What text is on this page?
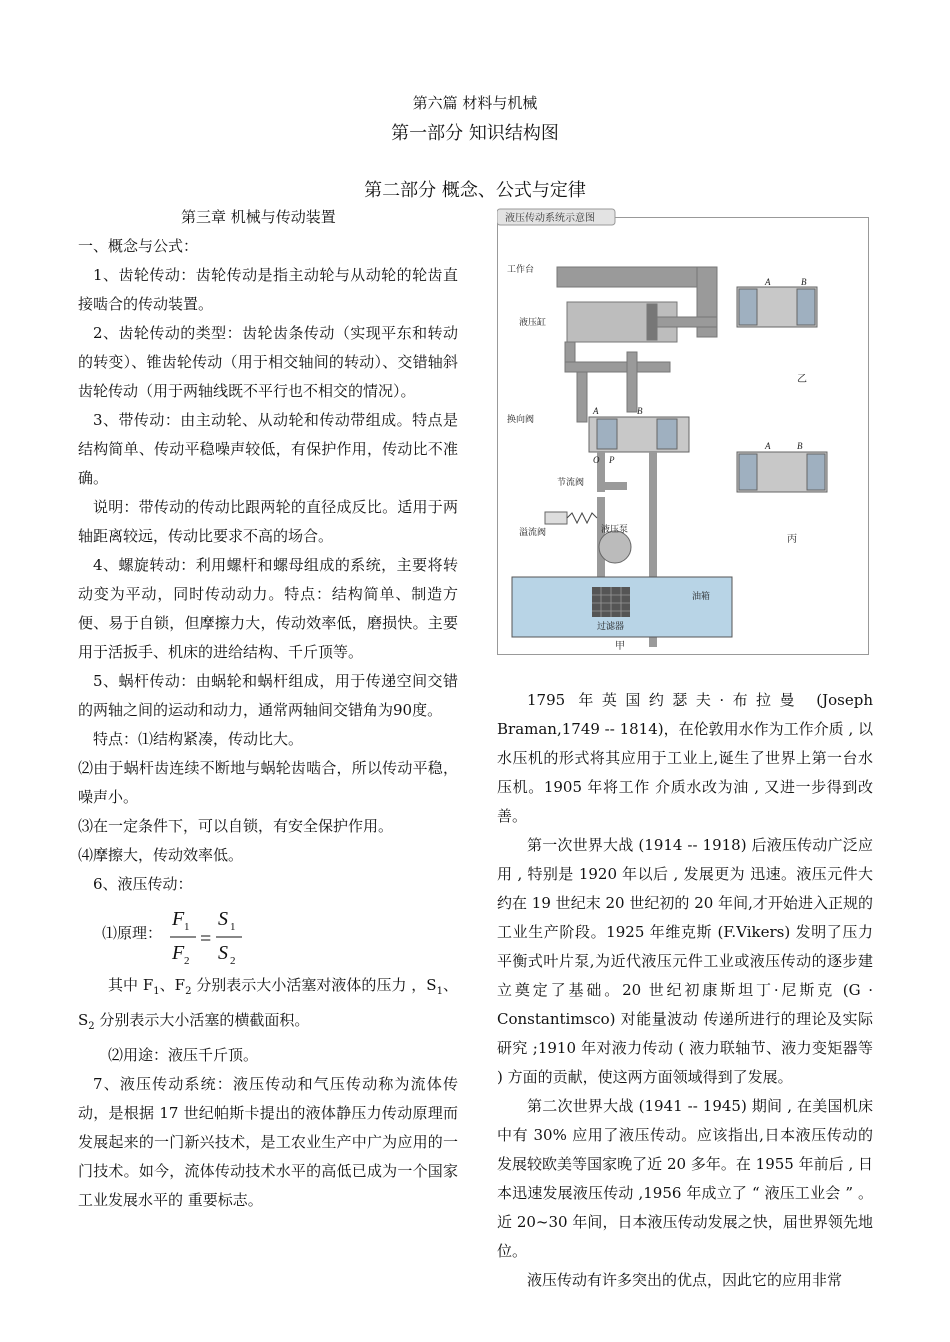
第六篇 材料与机械
第一部分 知识结构图
第二部分 概念、公式与定律

第三章 机械与传动装置

一、概念与公式：

1、齿轮传动：齿轮传动是指主动轮与从动轮的轮齿直接啮合的传动装置。

2、齿轮传动的类型：齿轮齿条传动（实现平东和转动的转变）、锥齿轮传动（用于相交轴间的转动）、交错轴斜齿轮传动（用于两轴线既不平行也不相交的情况）。

3、带传动：由主动轮、从动轮和传动带组成。特点是结构简单、传动平稳噪声较低，有保护作用，传动比不准确。

说明：带传动的传动比跟两轮的直径成反比。适用于两轴距离较远，传动比要求不高的场合。

4、螺旋转动：利用螺杆和螺母组成的系统，主要将转动变为平动，同时传动动力。特点：结构简单、制造方便、易于自锁，但摩擦力大，传动效率低，磨损快。主要用于活扳手、机床的进给结构、千斤顶等。

5、蜗杆传动：由蜗轮和蜗杆组成，用于传递空间交错的两轴之间的运动和动力，通常两轴间交错角为90度。

特点：⑴结构紧凑，传动比大。

⑵由于蜗杆齿连续不断地与蜗轮齿啮合，所以传动平稳，噪声小。

⑶在一定条件下，可以自锁，有安全保护作用。

⑷摩擦大，传动效率低。

6、液压传动：

⑴原理：
F 1
F 2
=
S 1
S 2

其中 $F_1$、$F_2$ 分别表示大小活塞对液体的压力 ，$S_1$、$S_2$ 分别表示大小活塞的横截面积。

⑵用途：液压千斤顶。

7、液压传动系统：液压传动和气压传动称为流体传动，是根据 17 世纪帕斯卡提出的液体静压力传动原理而发展起来的一门新兴技术，是工农业生产中广为应用的一门技术。如今，流体传动技术水平的高低已成为一个国家工业发展水平的 重要标志。

液压传动系统示意图
工作台
液压缸
换向阀
节流阀
溢流阀	液压泵
油箱
过滤器
甲
乙
丙
A	B
P
O
A	B
A	B

1795 年英国约瑟夫·布拉曼 (Joseph Braman,1749 -- 1814)，在伦敦用水作为工作介质 , 以水压机的形式将其应用于工业上,诞生了世界上第一台水压机。1905 年将工作 介质水改为油 , 又进一步得到改善。

第一次世界大战 (1914 -- 1918) 后液压传动广泛应用 , 特别是 1920 年以后 , 发展更为 迅速。液压元件大约在 19 世纪末 20 世纪初的 20 年间,才开始进入正规的工业生产阶段。1925 年维克斯 (F.Vikers) 发明了压力平衡式叶片泵,为近代液压元件工业或液压传动的逐步建立奠定了基础。20 世纪初康斯坦丁·尼斯克 (G · Constantimsco) 对能量波动 传递所进行的理论及实际研究 ;1910 年对液力传动 ( 液力联轴节、液力变矩器等 ) 方面的贡献，使这两方面领域得到了发展。

第二次世界大战 (1941 -- 1945) 期间 , 在美国机床中有 30% 应用了液压传动。应该指出,日本液压传动的发展较欧美等国家晚了近 20 多年。在 1955 年前后 , 日本迅速发展液压传动 ,1956 年成立了 “ 液压工业会 ” 。近 20~30 年间，日本液压传动发展之快，届世界领先地位。

液压传动有许多突出的优点，因此它的应用非常
